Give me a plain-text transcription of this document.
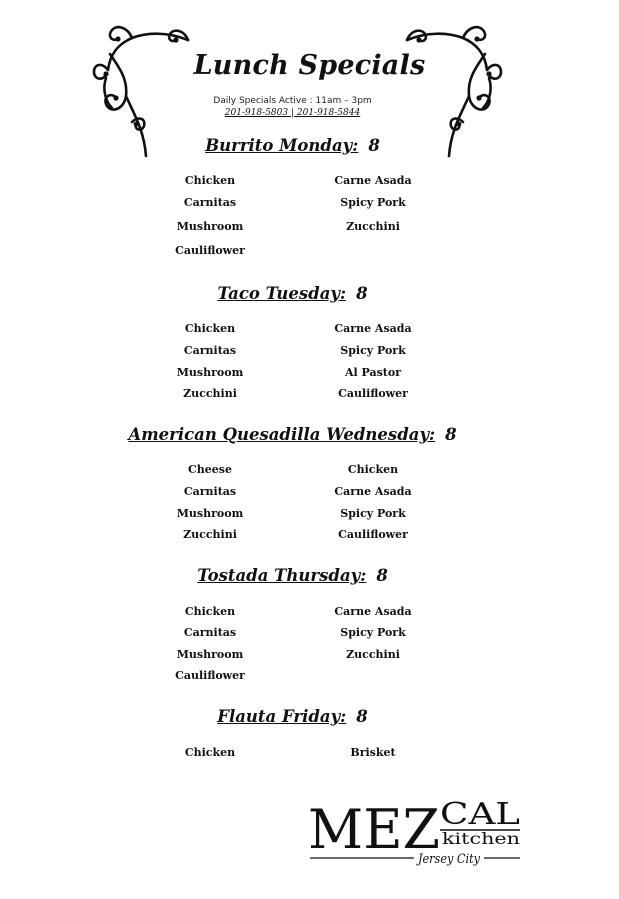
Lunch Specials
Daily Specials Active : 11am – 3pm
201-918-5803 | 201-918-5844
Burrito Monday: 8
Chicken
Carnitas
Mushroom
Cauliflower
Carne Asada
Spicy Pork
Zucchini
Taco Tuesday: 8
Chicken
Carnitas
Mushroom
Zucchini
Carne Asada
Spicy Pork
Al Pastor
Cauliflower
American Quesadilla Wednesday: 8
Cheese
Carnitas
Mushroom
Zucchini
Chicken
Carne Asada
Spicy Pork
Cauliflower
Tostada Thursday: 8
Chicken
Carnitas
Mushroom
Cauliflower
Carne Asada
Spicy Pork
Zucchini
Flauta Friday: 8
Chicken	Brisket
MEZ CAL
kitchen
Jersey City
